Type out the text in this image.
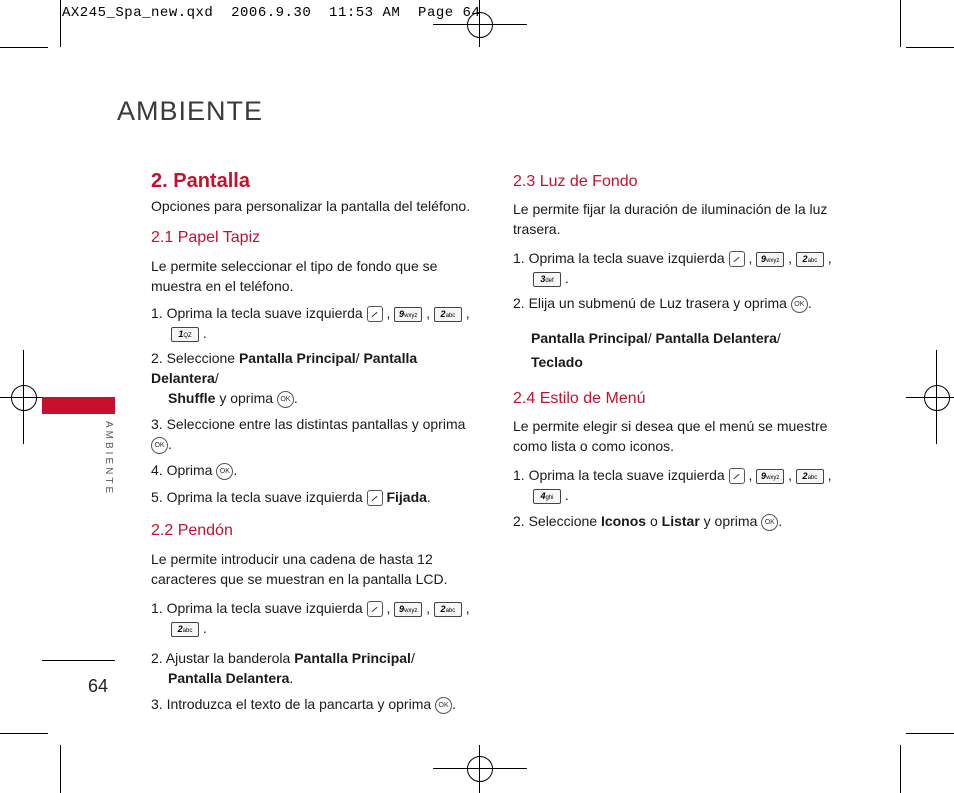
AX245_Spa_new.qxd  2006.9.30  11:53 AM  Page 64
AMBIENTE
AMBIENTE
64

2. Pantalla

Opciones para personalizar la pantalla del teléfono.

2.1 Papel Tapiz

Le permite seleccionar el tipo de fondo que se muestra en el teléfono.

1. Oprima la tecla suave izquierda  , 9wxyz , 2abc ,
1QZ .

2. Seleccione Pantalla Principal/ Pantalla Delantera/
Shuffle y oprima OK .

3. Seleccione entre las distintas pantallas y oprima OK .

4. Oprima OK .

5. Oprima la tecla suave izquierda Fijada.

2.2 Pendón

Le permite introducir una cadena de hasta 12 caracteres que se muestran en la pantalla LCD.

1. Oprima la tecla suave izquierda  , 9wxyz , 2abc ,
2abc .

2. Ajustar la banderola Pantalla Principal/
Pantalla Delantera.

3. Introduzca el texto de la pancarta y oprima OK .

2.3 Luz de Fondo

Le permite fijar la duración de iluminación de la luz trasera.

1. Oprima la tecla suave izquierda  , 9wxyz , 2abc ,
3def .

2. Elija un submenú de Luz trasera y oprima OK .

Pantalla Principal/ Pantalla Delantera/
Teclado

2.4 Estilo de Menú

Le permite elegir si desea que el menú se muestre como lista o como iconos.

1. Oprima la tecla suave izquierda  , 9wxyz , 2abc ,
4ghi .

2. Seleccione Iconos o Listar y oprima OK .
